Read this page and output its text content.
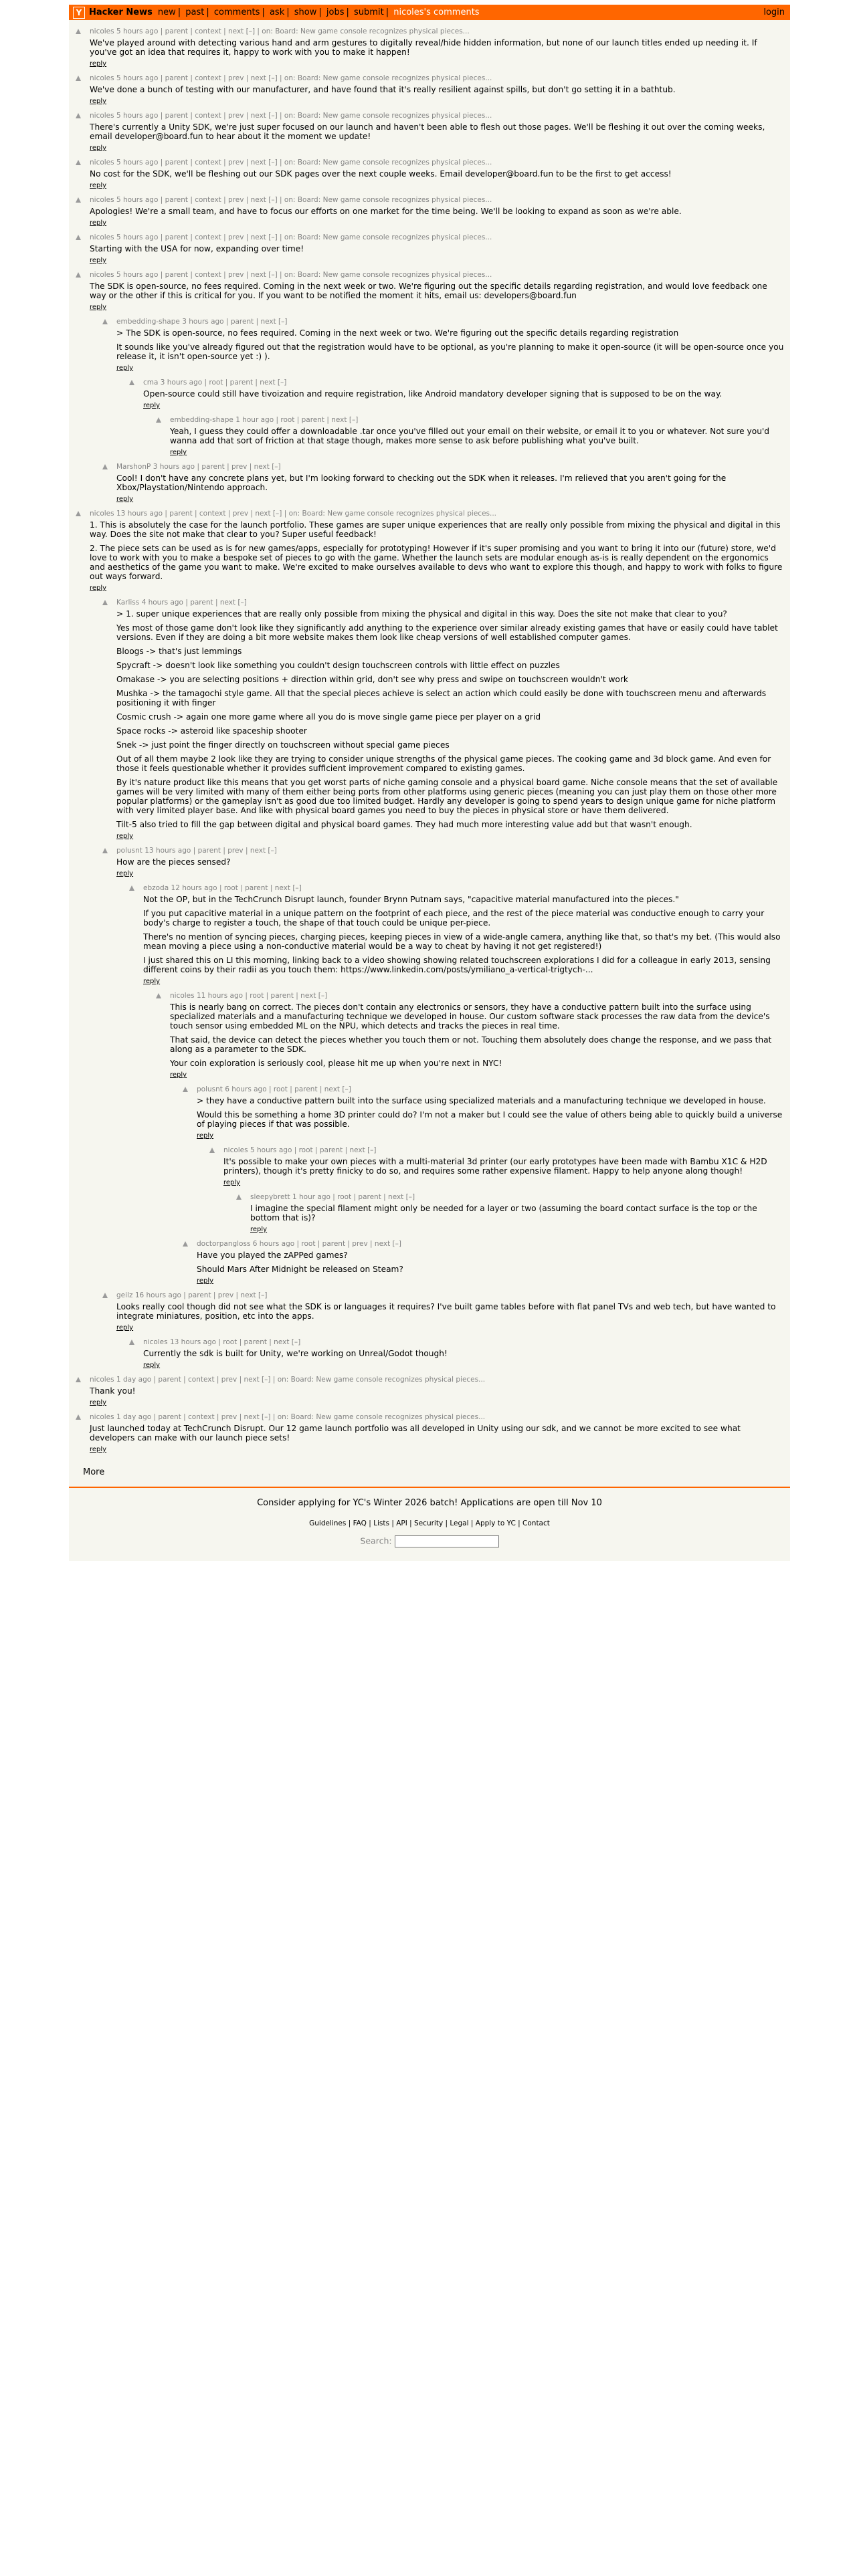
Y Hacker News new | past | comments | ask | show | jobs | submit | nicoles's comments	login
nicoles 5 hours ago | parent | context | next [–] | on: Board: New game console recognizes physical pieces...

We've played around with detecting various hand and arm gestures to digitally reveal/hide hidden information, but none of our launch titles ended up needing it. If you've got an idea that requires it, happy to work with you to make it happen!

reply
nicoles 5 hours ago | parent | context | prev | next [–] | on: Board: New game console recognizes physical pieces...

We've done a bunch of testing with our manufacturer, and have found that it's really resilient against spills, but don't go setting it in a bathtub.

reply
nicoles 5 hours ago | parent | context | prev | next [–] | on: Board: New game console recognizes physical pieces...

There's currently a Unity SDK, we're just super focused on our launch and haven't been able to flesh out those pages. We'll be fleshing it out over the coming weeks, email developer@board.fun to hear about it the moment we update!

reply
nicoles 5 hours ago | parent | context | prev | next [–] | on: Board: New game console recognizes physical pieces...

No cost for the SDK, we'll be fleshing out our SDK pages over the next couple weeks. Email developer@board.fun to be the first to get access!

reply
nicoles 5 hours ago | parent | context | prev | next [–] | on: Board: New game console recognizes physical pieces...

Apologies! We're a small team, and have to focus our efforts on one market for the time being. We'll be looking to expand as soon as we're able.

reply
nicoles 5 hours ago | parent | context | prev | next [–] | on: Board: New game console recognizes physical pieces...

Starting with the USA for now, expanding over time!

reply
nicoles 5 hours ago | parent | context | prev | next [–] | on: Board: New game console recognizes physical pieces...

The SDK is open-source, no fees required. Coming in the next week or two. We're figuring out the specific details regarding registration, and would love feedback one way or the other if this is critical for you. If you want to be notified the moment it hits, email us: developers@board.fun

reply
embedding-shape 3 hours ago | parent | next [–]

> The SDK is open-source, no fees required. Coming in the next week or two. We're figuring out the specific details regarding registration

It sounds like you've already figured out that the registration would have to be optional, as you're planning to make it open-source (it will be open-source once you release it, it isn't open-source yet :) ).

reply
cma 3 hours ago | root | parent | next [–]

Open-source could still have tivoization and require registration, like Android mandatory developer signing that is supposed to be on the way.

reply
embedding-shape 1 hour ago | root | parent | next [–]

Yeah, I guess they could offer a downloadable .tar once you've filled out your email on their website, or email it to you or whatever. Not sure you'd wanna add that sort of friction at that stage though, makes more sense to ask before publishing what you've built.

reply
MarshonP 3 hours ago | parent | prev | next [–]

Cool! I don't have any concrete plans yet, but I'm looking forward to checking out the SDK when it releases. I'm relieved that you aren't going for the Xbox/Playstation/Nintendo approach.

reply
nicoles 13 hours ago | parent | context | prev | next [–] | on: Board: New game console recognizes physical pieces...

1. This is absolutely the case for the launch portfolio. These games are super unique experiences that are really only possible from mixing the physical and digital in this way. Does the site not make that clear to you? Super useful feedback!

2. The piece sets can be used as is for new games/apps, especially for prototyping! However if it's super promising and you want to bring it into our (future) store, we'd love to work with you to make a bespoke set of pieces to go with the game. Whether the launch sets are modular enough as-is is really dependent on the ergonomics and aesthetics of the game you want to make. We're excited to make ourselves available to devs who want to explore this though, and happy to work with folks to figure out ways forward.

reply
Karliss 4 hours ago | parent | next [–]

> 1. super unique experiences that are really only possible from mixing the physical and digital in this way. Does the site not make that clear to you?

Yes most of those game don't look like they significantly add anything to the experience over similar already existing games that have or easily could have tablet versions. Even if they are doing a bit more website makes them look like cheap versions of well established computer games.

Bloogs -> that's just lemmings

Spycraft -> doesn't look like something you couldn't design touchscreen controls with little effect on puzzles

Omakase -> you are selecting positions + direction within grid, don't see why press and swipe on touchscreen wouldn't work

Mushka -> the tamagochi style game. All that the special pieces achieve is select an action which could easily be done with touchscreen menu and afterwards positioning it with finger

Cosmic crush -> again one more game where all you do is move single game piece per player on a grid

Space rocks -> asteroid like spaceship shooter

Snek -> just point the finger directly on touchscreen without special game pieces

Out of all them maybe 2 look like they are trying to consider unique strengths of the physical game pieces. The cooking game and 3d block game. And even for those it feels questionable whether it provides sufficient improvement compared to existing games.

By it's nature product like this means that you get worst parts of niche gaming console and a physical board game. Niche console means that the set of available games will be very limited with many of them either being ports from other platforms using generic pieces (meaning you can just play them on those other more popular platforms) or the gameplay isn't as good due too limited budget. Hardly any developer is going to spend years to design unique game for niche platform with very limited player base. And like with physical board games you need to buy the pieces in physical store or have them delivered.

Tilt-5 also tried to fill the gap between digital and physical board games. They had much more interesting value add but that wasn't enough.

reply
polusnt 13 hours ago | parent | prev | next [–]

How are the pieces sensed?

reply
ebzoda 12 hours ago | root | parent | next [–]

Not the OP, but in the TechCrunch Disrupt launch, founder Brynn Putnam says, "capacitive material manufactured into the pieces."

If you put capacitive material in a unique pattern on the footprint of each piece, and the rest of the piece material was conductive enough to carry your body's charge to register a touch, the shape of that touch could be unique per-piece.

There's no mention of syncing pieces, charging pieces, keeping pieces in view of a wide-angle camera, anything like that, so that's my bet. (This would also mean moving a piece using a non-conductive material would be a way to cheat by having it not get registered!)

I just shared this on LI this morning, linking back to a video showing showing related touchscreen explorations I did for a colleague in early 2013, sensing different coins by their radii as you touch them: https://www.linkedin.com/posts/ymiliano_a-vertical-trigtych-...

reply
nicoles 11 hours ago | root | parent | next [–]

This is nearly bang on correct. The pieces don't contain any electronics or sensors, they have a conductive pattern built into the surface using specialized materials and a manufacturing technique we developed in house. Our custom software stack processes the raw data from the device's touch sensor using embedded ML on the NPU, which detects and tracks the pieces in real time.

That said, the device can detect the pieces whether you touch them or not. Touching them absolutely does change the response, and we pass that along as a parameter to the SDK.

Your coin exploration is seriously cool, please hit me up when you're next in NYC!

reply
polusnt 6 hours ago | root | parent | next [–]

> they have a conductive pattern built into the surface using specialized materials and a manufacturing technique we developed in house.

Would this be something a home 3D printer could do? I'm not a maker but I could see the value of others being able to quickly build a universe of playing pieces if that was possible.

reply
nicoles 5 hours ago | root | parent | next [–]

It's possible to make your own pieces with a multi-material 3d printer (our early prototypes have been made with Bambu X1C & H2D printers), though it's pretty finicky to do so, and requires some rather expensive filament. Happy to help anyone along though!

reply
sleepybrett 1 hour ago | root | parent | next [–]

I imagine the special filament might only be needed for a layer or two (assuming the board contact surface is the top or the bottom that is)?

reply
doctorpangloss 6 hours ago | root | parent | prev | next [–]

Have you played the zAPPed games?

Should Mars After Midnight be released on Steam?

reply
geilz 16 hours ago | parent | prev | next [–]

Looks really cool though did not see what the SDK is or languages it requires? I've built game tables before with flat panel TVs and web tech, but have wanted to integrate miniatures, position, etc into the apps.

reply
nicoles 13 hours ago | root | parent | next [–]

Currently the sdk is built for Unity, we're working on Unreal/Godot though!

reply
nicoles 1 day ago | parent | context | prev | next [–] | on: Board: New game console recognizes physical pieces...

Thank you!

reply
nicoles 1 day ago | parent | context | prev | next [–] | on: Board: New game console recognizes physical pieces...

Just launched today at TechCrunch Disrupt. Our 12 game launch portfolio was all developed in Unity using our sdk, and we cannot be more excited to see what developers can make with our launch piece sets!

reply
More
Consider applying for YC's Winter 2026 batch! Applications are open till Nov 10
Guidelines | FAQ | Lists | API | Security | Legal | Apply to YC | Contact
Search:
